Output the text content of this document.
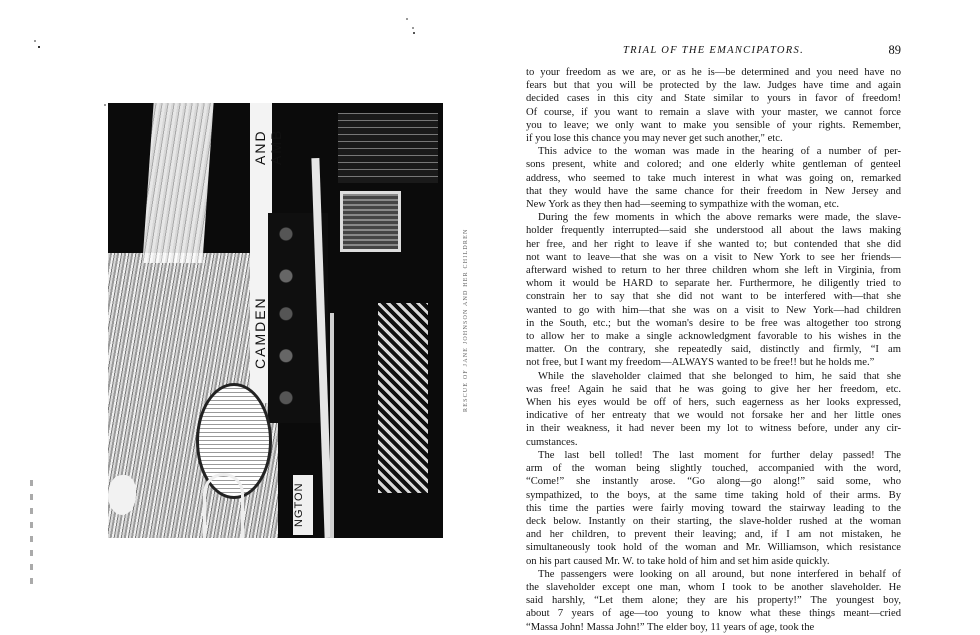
CAMDEN
AND AMB
NGTON
RESCUE OF JANE JOHNSON AND HER CHILDREN
TRIAL OF THE EMANCIPATORS.	89

to your freedom as we are, or as he is—be determined and you need have no
fears but that you will be protected by the law. Judges have time and again
decided cases in this city and State similar to yours in favor of freedom!
Of course, if you want to remain a slave with your master, we cannot force
you to leave; we only want to make you sensible of your rights. Remember,
if you lose this chance you may never get such another," etc.

This advice to the woman was made in the hearing of a number of per-
sons present, white and colored; and one elderly white gentleman of genteel
address, who seemed to take much interest in what was going on, remarked
that they would have the same chance for their freedom in New Jersey and
New York as they then had—seeming to sympathize with the woman, etc.

During the few moments in which the above remarks were made, the slave-
holder frequently interrupted—said she understood all about the laws making
her free, and her right to leave if she wanted to; but contended that she did
not want to leave—that she was on a visit to New York to see her friends—
afterward wished to return to her three children whom she left in Virginia, from
whom it would be HARD to separate her. Furthermore, he diligently tried to
constrain her to say that she did not want to be interfered with—that she
wanted to go with him—that she was on a visit to New York—had children
in the South, etc.; but the woman's desire to be free was altogether too strong
to allow her to make a single acknowledgment favorable to his wishes in the
matter. On the contrary, she repeatedly said, distinctly and firmly, “I am
not free, but I want my freedom—ALWAYS wanted to be free!! but he holds me.”

While the slaveholder claimed that she belonged to him, he said that she
was free! Again he said that he was going to give her her freedom, etc.
When his eyes would be off of hers, such eagerness as her looks expressed,
indicative of her entreaty that we would not forsake her and her little ones
in their weakness, it had never been my lot to witness before, under any cir-
cumstances.

The last bell tolled! The last moment for further delay passed! The
arm of the woman being slightly touched, accompanied with the word,
“Come!” she instantly arose. “Go along—go along!” said some, who
sympathized, to the boys, at the same time taking hold of their arms. By
this time the parties were fairly moving toward the stairway leading to the
deck below. Instantly on their starting, the slave-holder rushed at the woman
and her children, to prevent their leaving; and, if I am not mistaken, he
simultaneously took hold of the woman and Mr. Williamson, which resistance
on his part caused Mr. W. to take hold of him and set him aside quickly.

The passengers were looking on all around, but none interfered in behalf of
the slaveholder except one man, whom I took to be another slaveholder. He
said harshly, “Let them alone; they are his property!” The youngest boy,
about 7 years of age—too young to know what these things meant—cried
“Massa John! Massa John!” The elder boy, 11 years of age, took the
